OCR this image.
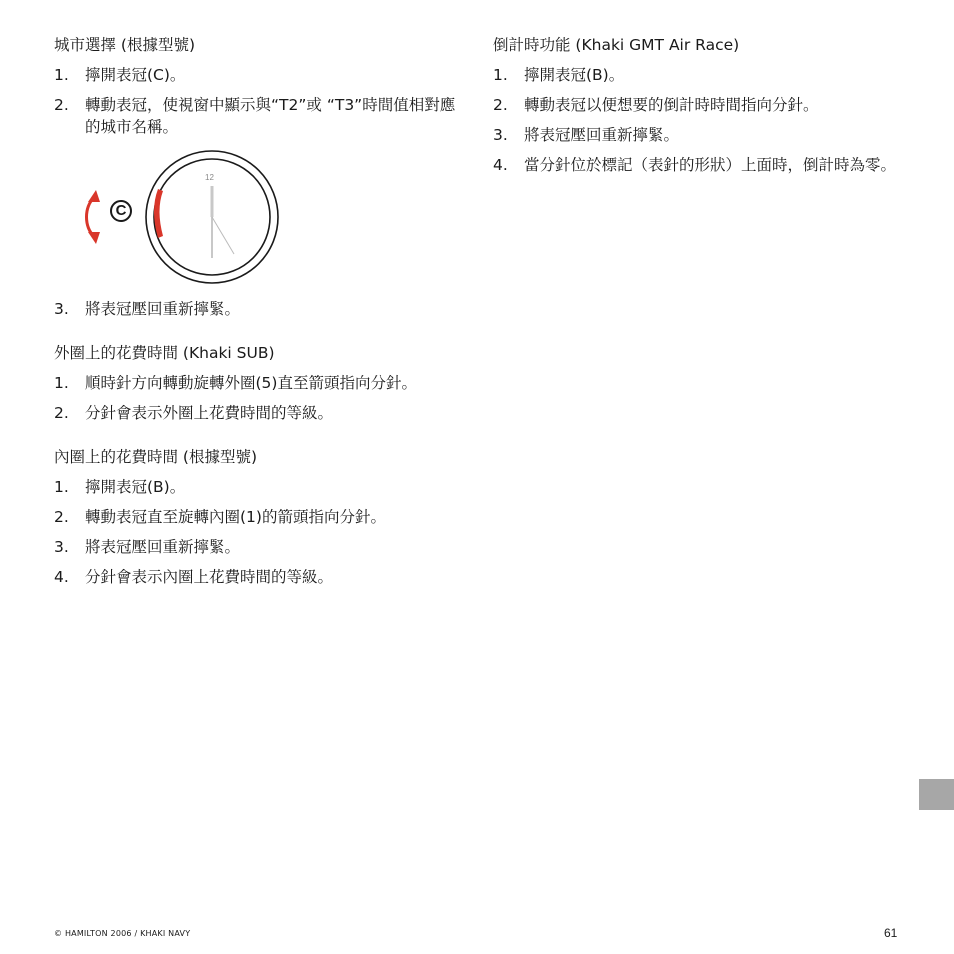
城市選擇 (根據型號)
1.	擰開表冠(C)。
2.	轉動表冠，使視窗中顯示與“T2”或 “T3”時間值相對應的城市名稱。
C
12
3.	將表冠壓回重新擰緊。
外圈上的花費時間 (Khaki SUB)
1.	順時針方向轉動旋轉外圈(5)直至箭頭指向分針。
2.	分針會表示外圈上花費時間的等級。
內圈上的花費時間 (根據型號)
1.	擰開表冠(B)。
2.	轉動表冠直至旋轉內圈(1)的箭頭指向分針。
3.	將表冠壓回重新擰緊。
4.	分針會表示內圈上花費時間的等級。
倒計時功能 (Khaki GMT Air Race)
1.	擰開表冠(B)。
2.	轉動表冠以便想要的倒計時時間指向分針。
3.	將表冠壓回重新擰緊。
4.	當分針位於標記（表針的形狀）上面時，倒計時為零。
© HAMILTON 2006 / KHAKI NAVY	61
